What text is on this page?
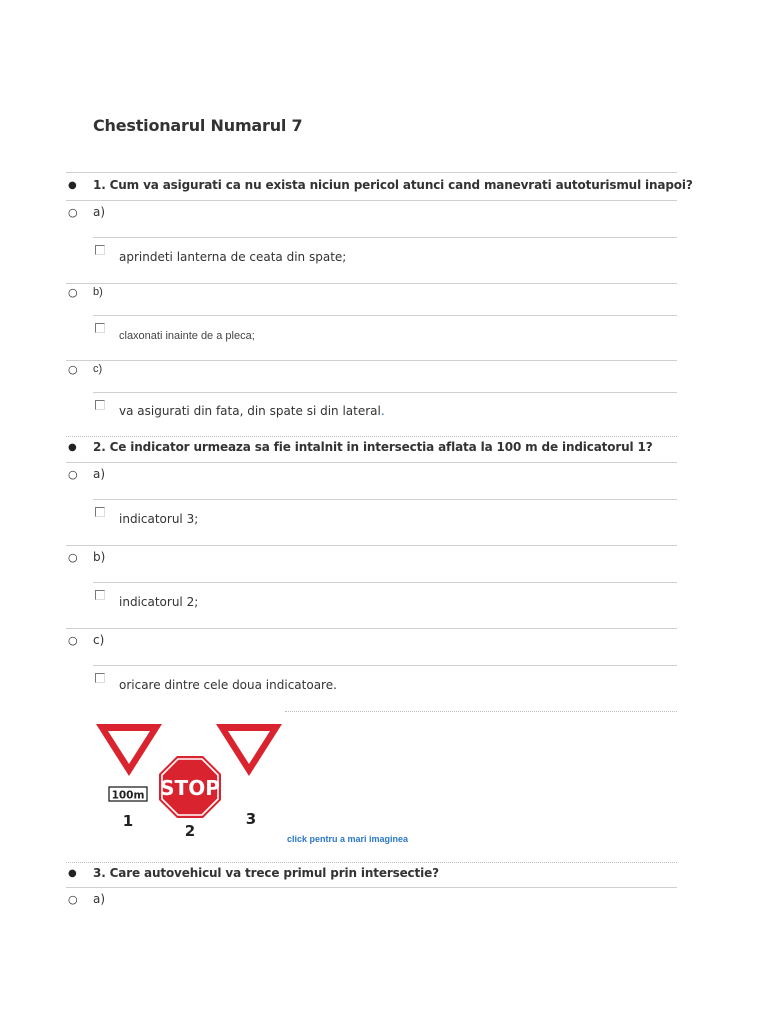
Chestionarul Numarul 7
● 1. Cum va asigurati ca nu exista niciun pericol atunci cand manevrati autoturismul inapoi?
○ a)
aprindeti lanterna de ceata din spate;
○ b)
claxonati inainte de a pleca;
○ c)
va asigurati din fata, din spate si din lateral.
● 2. Ce indicator urmeaza sa fie intalnit in intersectia aflata la 100 m de indicatorul 1?
○ a)
indicatorul 3;
○ b)
indicatorul 2;
○ c)
oricare dintre cele doua indicatoare.
100m STOP
1
2
3
click pentru a mari imaginea
● 3. Care autovehicul va trece primul prin intersectie?
○ a)
